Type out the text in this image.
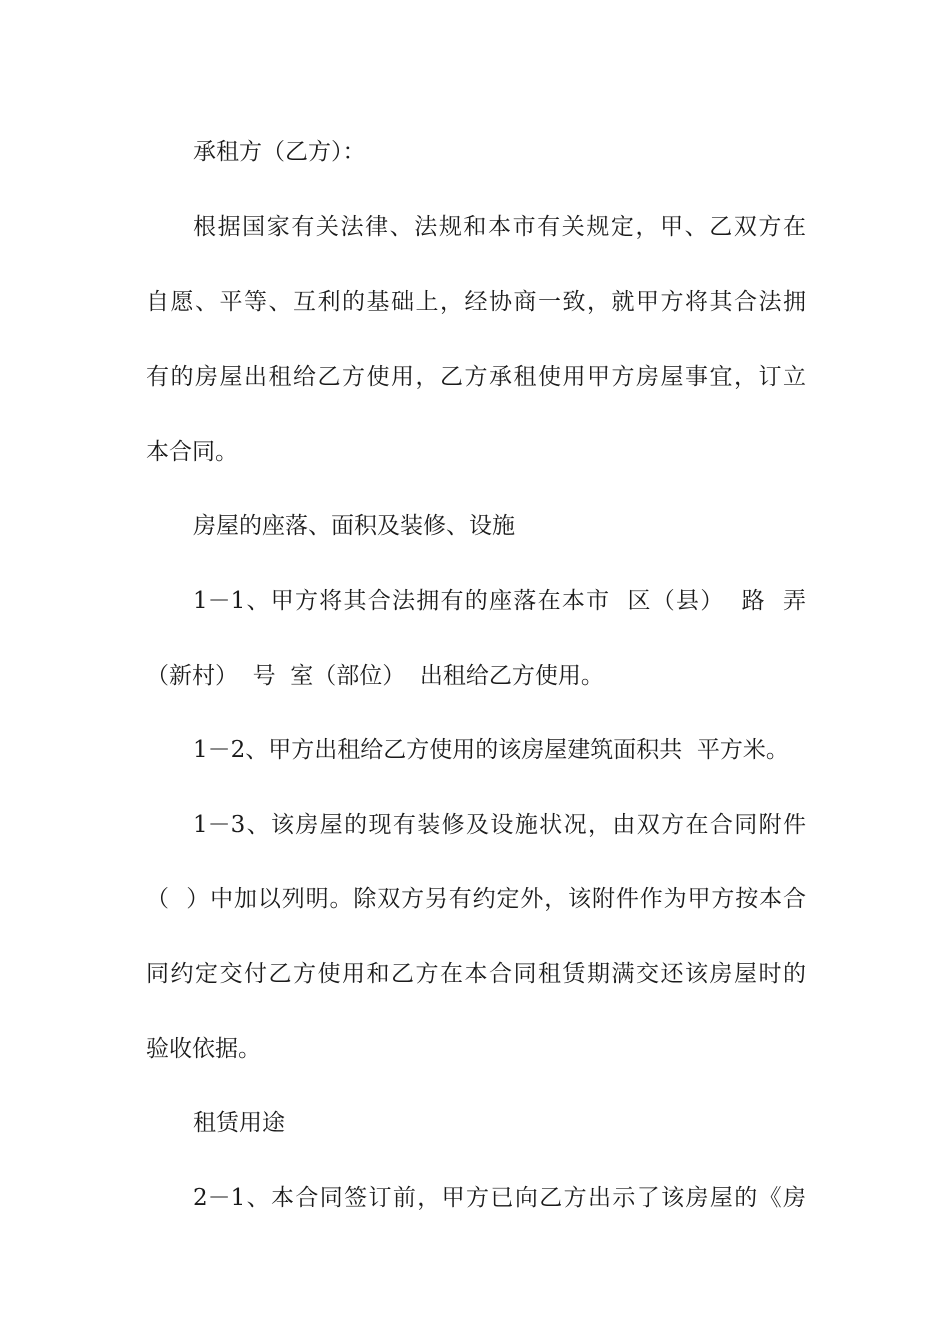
承租方（乙方）：
根据国家有关法律、法规和本市有关规定，甲、乙双方在
自愿、平等、互利的基础上，经协商一致，就甲方将其合法拥
有的房屋出租给乙方使用，乙方承租使用甲方房屋事宜，订立
本合同。
房屋的座落、面积及装修、设施
1－1、甲方将其合法拥有的座落在本市  区（县）  路  弄
（新村）  号  室（部位）  出租给乙方使用。
1－2、甲方出租给乙方使用的该房屋建筑面积共  平方米。
1－3、该房屋的现有装修及设施状况，由双方在合同附件
（  ）中加以列明。除双方另有约定外，该附件作为甲方按本合
同约定交付乙方使用和乙方在本合同租赁期满交还该房屋时的
验收依据。
租赁用途
2－1、本合同签订前，甲方已向乙方出示了该房屋的《房
